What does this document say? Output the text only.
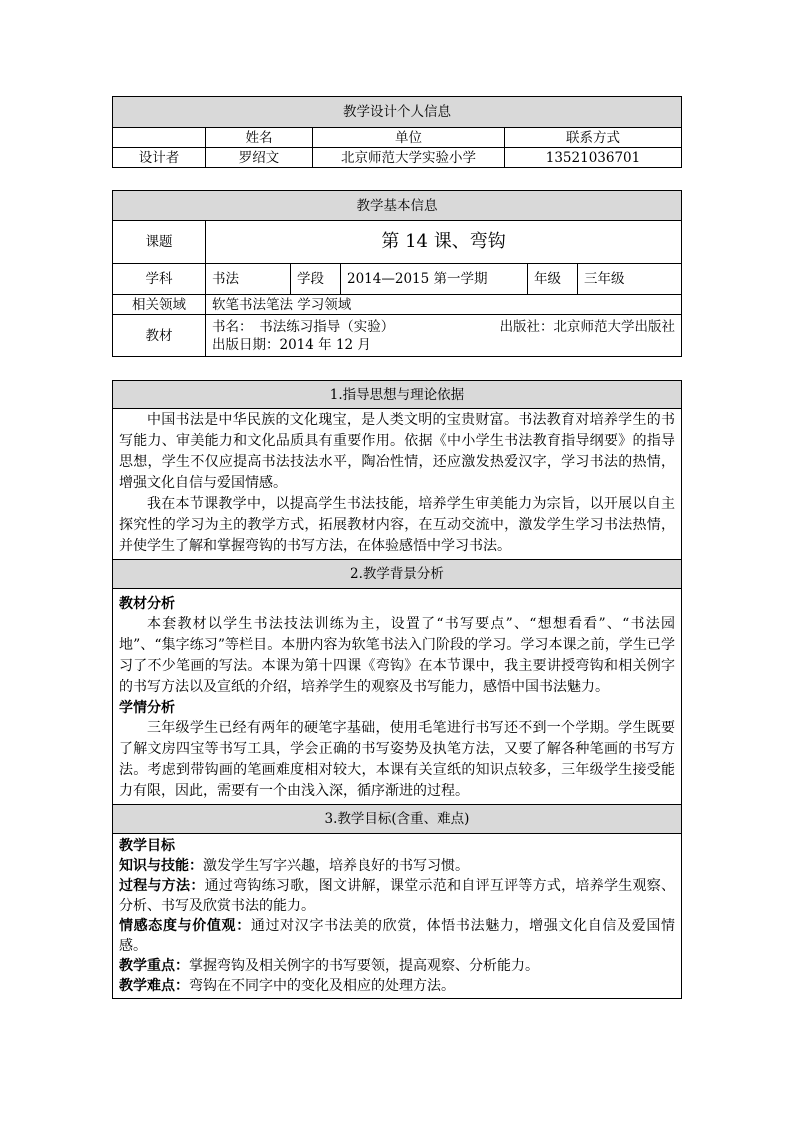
教学设计个人信息			
	姓名	单位	联系方式
设计者	罗绍文	北京师范大学实验小学	13521036701
教学基本信息					
课题	第 14 课、弯钩				
学科	书法	学段	2014—2015 第一学期	年级	三年级
相关领域	软笔书法笔法 学习领域				
教材	书名：　书法练习指导（实验） 出版社：北京师范大学出版社
出版日期：2014 年 12 月				
1.指导思想与理论依据

中国书法是中华民族的文化瑰宝，是人类文明的宝贵财富。书法教育对培养学生的书写能力、审美能力和文化品质具有重要作用。依据《中小学生书法教育指导纲要》的指导思想，学生不仅应提高书法技法水平，陶冶性情，还应激发热爱汉字，学习书法的热情，增强文化自信与爱国情感。
我在本节课教学中，以提高学生书法技能，培养学生审美能力为宗旨，以开展以自主探究性的学习为主的教学方式，拓展教材内容，在互动交流中，激发学生学习书法热情，并使学生了解和掌握弯钩的书写方法，在体验感悟中学习书法。

2.教学背景分析

教材分析
本套教材以学生书法技法训练为主，设置了“书写要点”、“想想看看”、“书法园地”、“集字练习”等栏目。本册内容为软笔书法入门阶段的学习。学习本课之前，学生已学习了不少笔画的写法。本课为第十四课《弯钩》在本节课中，我主要讲授弯钩和相关例字的书写方法以及宣纸的介绍，培养学生的观察及书写能力，感悟中国书法魅力。
学情分析
三年级学生已经有两年的硬笔字基础，使用毛笔进行书写还不到一个学期。学生既要了解文房四宝等书写工具，学会正确的书写姿势及执笔方法，又要了解各种笔画的书写方法。考虑到带钩画的笔画难度相对较大，本课有关宣纸的知识点较多，三年级学生接受能力有限，因此，需要有一个由浅入深，循序渐进的过程。

3.教学目标(含重、难点)

教学目标
知识与技能：激发学生写字兴趣，培养良好的书写习惯。
过程与方法：通过弯钩练习歌，图文讲解，课堂示范和自评互评等方式，培养学生观察、分析、书写及欣赏书法的能力。
情感态度与价值观：通过对汉字书法美的欣赏，体悟书法魅力，增强文化自信及爱国情感。
教学重点：掌握弯钩及相关例字的书写要领，提高观察、分析能力。
教学难点：弯钩在不同字中的变化及相应的处理方法。
